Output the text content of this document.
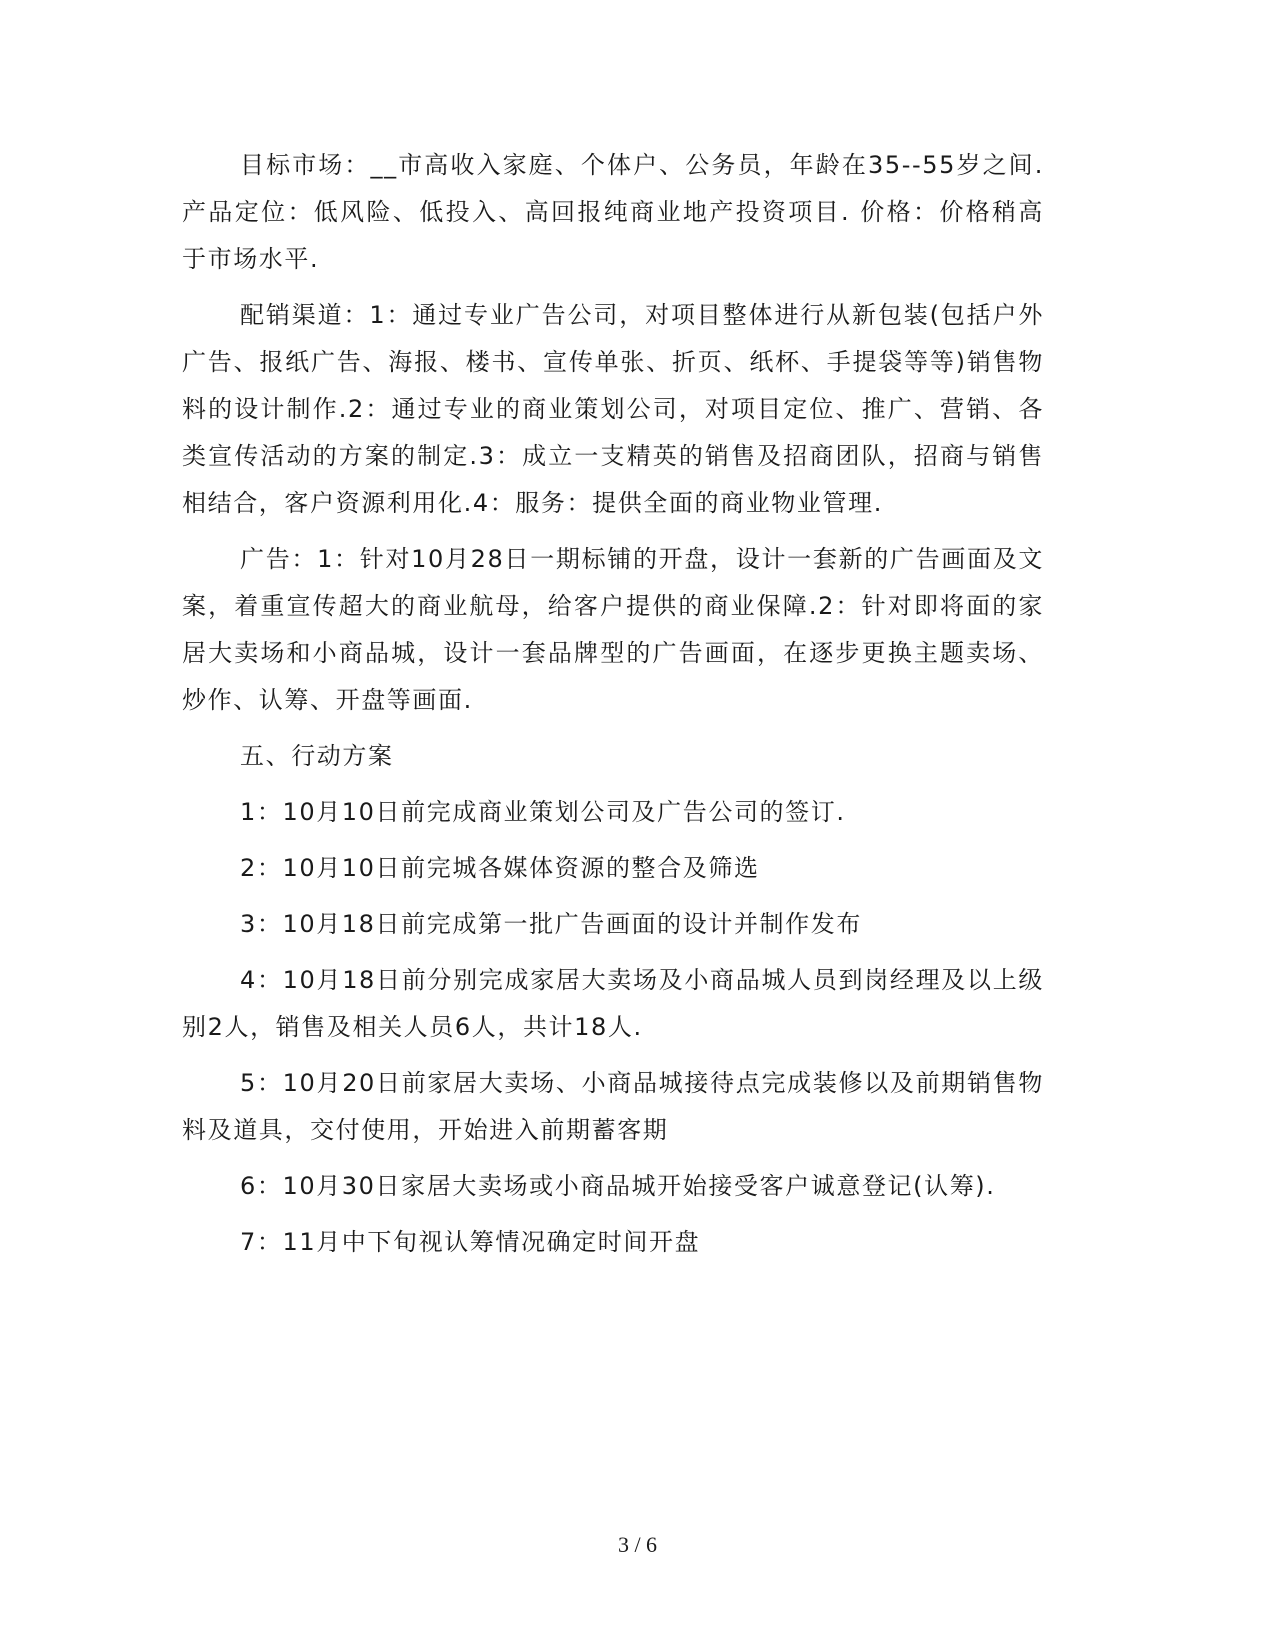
目标市场：__市高收入家庭、个体户、公务员，年龄在35--55岁之间. 产品定位：低风险、低投入、高回报纯商业地产投资项目. 价格：价格稍高于市场水平.

配销渠道：1：通过专业广告公司，对项目整体进行从新包装(包括户外广告、报纸广告、海报、楼书、宣传单张、折页、纸杯、手提袋等等)销售物料的设计制作.2：通过专业的商业策划公司，对项目定位、推广、营销、各类宣传活动的方案的制定.3：成立一支精英的销售及招商团队，招商与销售相结合，客户资源利用化.4：服务：提供全面的商业物业管理.

广告：1：针对10月28日一期标铺的开盘，设计一套新的广告画面及文案，着重宣传超大的商业航母，给客户提供的商业保障.2：针对即将面的家居大卖场和小商品城，设计一套品牌型的广告画面，在逐步更换主题卖场、炒作、认筹、开盘等画面.

五、行动方案

1：10月10日前完成商业策划公司及广告公司的签订.

2：10月10日前完城各媒体资源的整合及筛选

3：10月18日前完成第一批广告画面的设计并制作发布

4：10月18日前分别完成家居大卖场及小商品城人员到岗经理及以上级别2人，销售及相关人员6人，共计18人.

5：10月20日前家居大卖场、小商品城接待点完成装修以及前期销售物料及道具，交付使用，开始进入前期蓄客期

6：10月30日家居大卖场或小商品城开始接受客户诚意登记(认筹).

7：11月中下旬视认筹情况确定时间开盘

3 / 6
